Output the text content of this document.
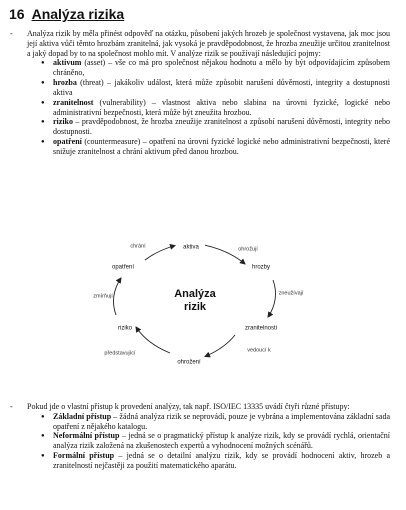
16 Analýza rizika
- Analýza rizik by měla přinést odpověď na otázku, působení jakých hrozeb je společnost vystavena, jak moc jsou její aktiva vůči těmto hrozbám zranitelná, jak vysoká je pravděpodobnost, že hrozba zneužije určitou zranitelnost a jaký dopad by to na společnost mohlo mít. V analýze rizik se používají následující pojmy:

● aktivum (asset) – vše co má pro společnost nějakou hodnotu a mělo by být odpovídajícím způsobem chráněno,
● hrozba (threat) – jakákoliv událost, která může způsobit narušení důvěrnosti, integrity a dostupnosti aktiva
● zranitelnost (vulnerability) – vlastnost aktiva nebo slabina na úrovni fyzické, logické nebo administrativní bezpečnosti, která může být zneužita hrozbou.
● riziko – pravděpodobnost, že hrozba zneužije zranitelnost a způsobí narušení důvěrnosti, integrity nebo dostupnosti.
● opatření (countermeasure) – opatření na úrovni fyzické logické nebo administrativní bezpečnosti, které snižuje zranitelnost a chrání aktivum před danou hrozbou.
Analýza
rizik
aktiva
hrozby
zranitelnosti
ohrožení
riziko
opatření
ohrožují
zneužívají
vedoucí k
představující
zmírňují
chrání
- Pokud jde o vlastní přístup k provedení analýzy, tak např. ISO/IEC 13335 uvádí čtyři různé přístupy:

● Základní přístup – žádná analýza rizik se neprovádí, pouze je vybrána a implementována základní sada opatření z nějakého katalogu.
● Neformální přístup – jedná se o pragmatický přístup k analýze rizik, kdy se provádí rychlá, orientační analýza rizik založená na zkušenostech expertů a vyhodnocení možných scénářů.
● Formální přístup – jedná se o detailní analýzu rizik, kdy se provádí hodnocení aktiv, hrozeb a zranitelností nejčastěji za použití matematického aparátu.
